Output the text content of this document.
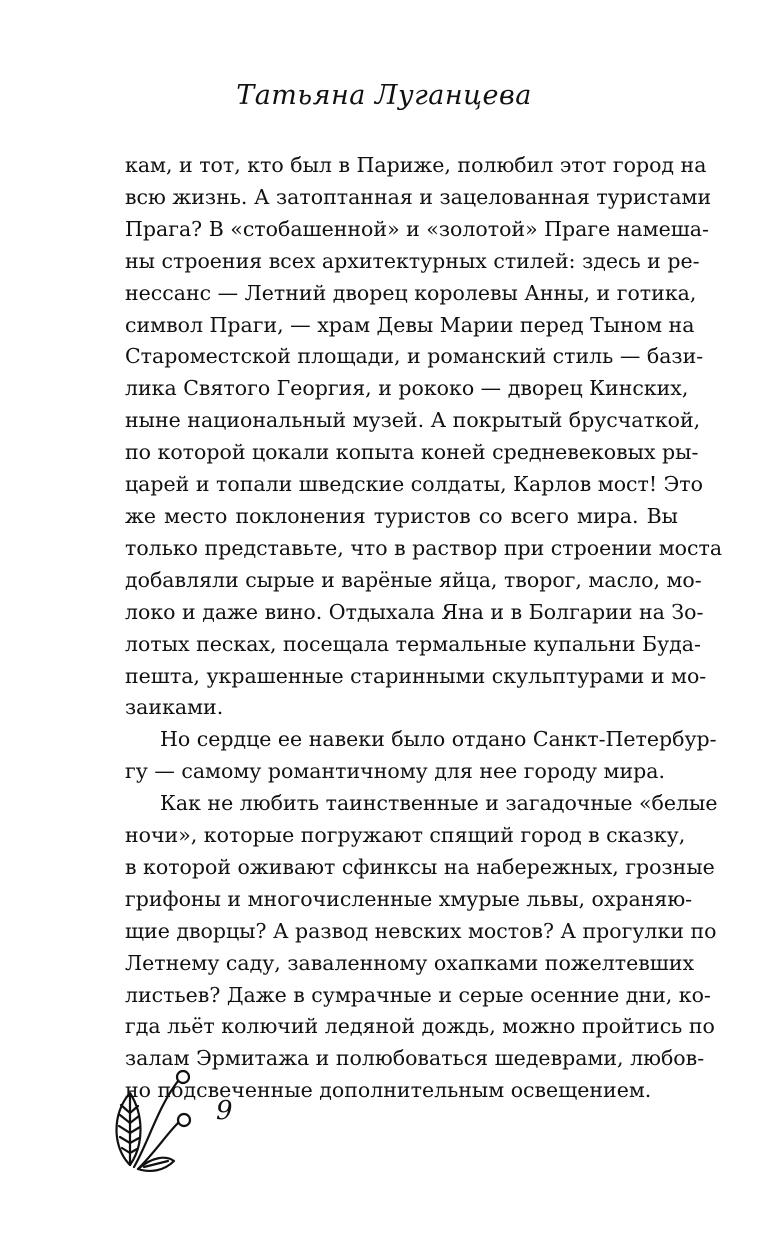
Татьяна Луганцева
кам, и тот, кто был в Париже, полюбил этот город на
всю жизнь. А затоптанная и зацелованная туристами
Прага? В «стобашенной» и «золотой» Праге намеша-
ны строения всех архитектурных стилей: здесь и ре-
нессанс — Летний дворец королевы Анны, и готика,
символ Праги, — храм Девы Марии перед Тыном на
Староместской площади, и романский стиль — бази-
лика Святого Георгия, и рококо — дворец Кинских,
ныне национальный музей. А покрытый брусчаткой,
по которой цокали копыта коней средневековых ры-
царей и топали шведские солдаты, Карлов мост! Это
же место поклонения туристов со всего мира. Вы
только представьте, что в раствор при строении моста
добавляли сырые и варёные яйца, творог, масло, мо-
локо и даже вино. Отдыхала Яна и в Болгарии на Зо-
лотых песках, посещала термальные купальни Буда-
пешта, украшенные старинными скульптурами и мо-
заиками.
Но сердце ее навеки было отдано Санкт-Петербур-
гу — самому романтичному для нее городу мира.
Как не любить таинственные и загадочные «белые
ночи», которые погружают спящий город в сказку,
в которой оживают сфинксы на набережных, грозные
грифоны и многочисленные хмурые львы, охраняю-
щие дворцы? А развод невских мостов? А прогулки по
Летнему саду, заваленному охапками пожелтевших
листьев? Даже в сумрачные и серые осенние дни, ко-
гда льёт колючий ледяной дождь, можно пройтись по
залам Эрмитажа и полюбоваться шедеврами, любов-
но подсвеченные дополнительным освещением.
9
